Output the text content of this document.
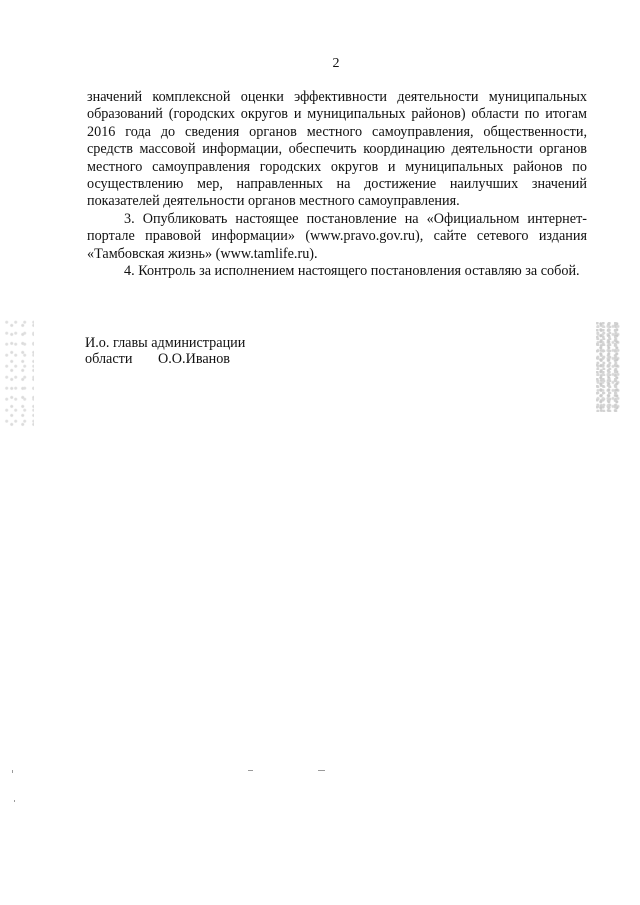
2

значений комплексной оценки эффективности деятельности муниципальных образований (городских округов и муниципальных районов) области по итогам 2016 года до сведения органов местного самоуправления, общественности, средств массовой информации, обеспечить координацию деятельности органов местного самоуправления городских округов и муниципальных районов по осуществлению мер, направленных на достижение наилучших значений показателей деятельности органов местного самоуправления.

3. Опубликовать настоящее постановление на «Официальном интернет-портале правовой информации» (www.pravo.gov.ru), сайте сетевого издания «Тамбовская жизнь» (www.tamlife.ru).

4. Контроль за исполнением настоящего постановления оставляю за собой.

И.о. главы администрации
области О.О.Иванов
